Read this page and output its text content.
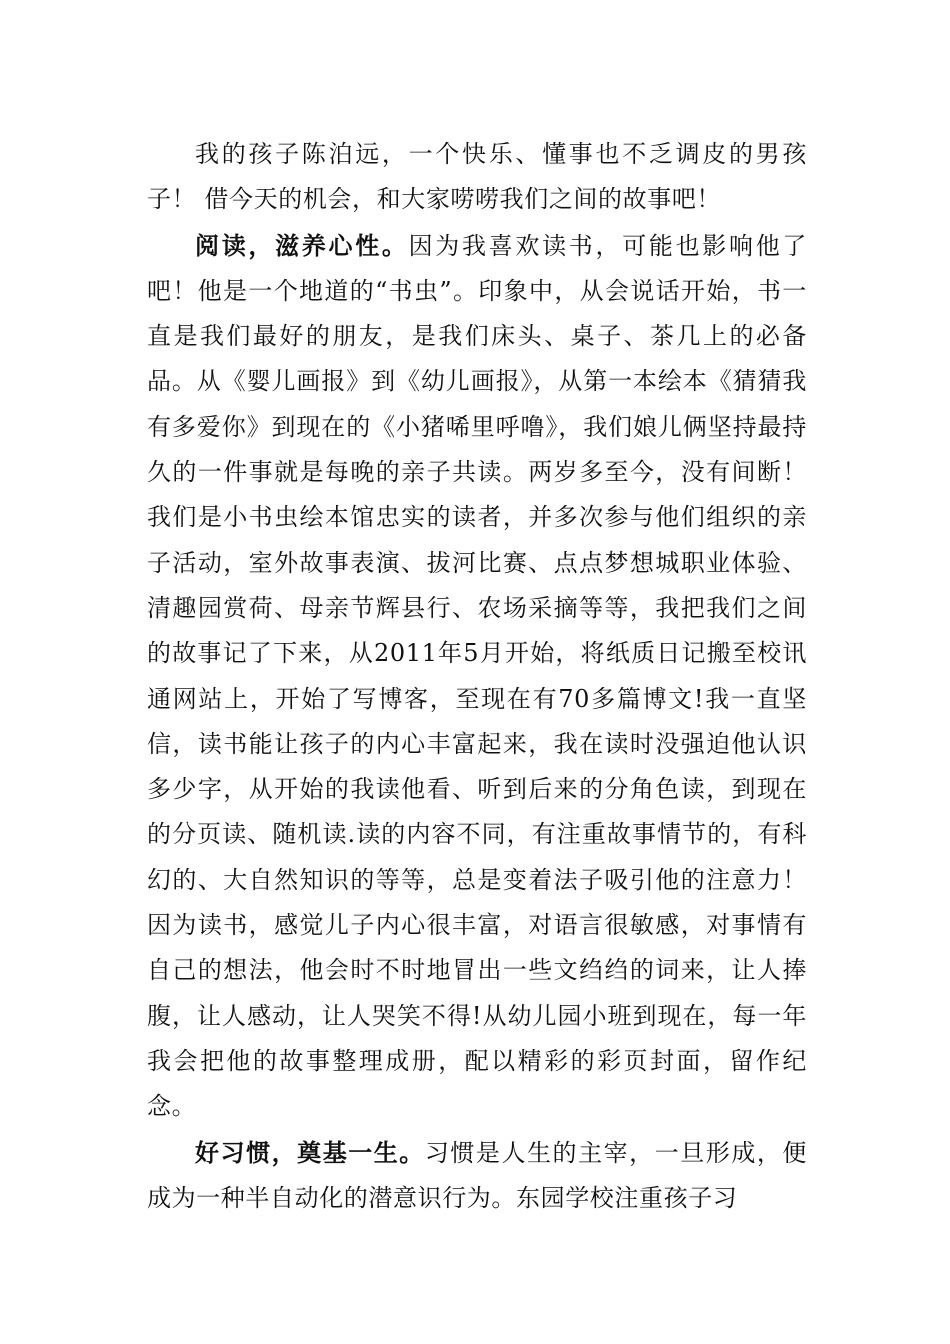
我的孩子陈泊远，一个快乐、懂事也不乏调皮的男孩子！ 借今天的机会，和大家唠唠我们之间的故事吧！

阅读，滋养心性。因为我喜欢读书，可能也影响他了吧！他是一个地道的“书虫”。印象中，从会说话开始，书一直是我们最好的朋友，是我们床头、桌子、茶几上的必备品。从《婴儿画报》到《幼儿画报》，从第一本绘本《猜猜我有多爱你》到现在的《小猪唏里呼噜》，我们娘儿俩坚持最持久的一件事就是每晚的亲子共读。两岁多至今，没有间断！我们是小书虫绘本馆忠实的读者，并多次参与他们组织的亲子活动，室外故事表演、拔河比赛、点点梦想城职业体验、清趣园赏荷、母亲节辉县行、农场采摘等等，我把我们之间的故事记了下来，从2011年5月开始，将纸质日记搬至校讯通网站上，开始了写博客，至现在有70多篇博文!我一直坚信，读书能让孩子的内心丰富起来，我在读时没强迫他认识多少字，从开始的我读他看、听到后来的分角色读，到现在的分页读、随机读.读的内容不同，有注重故事情节的，有科幻的、大自然知识的等等，总是变着法子吸引他的注意力！因为读书，感觉儿子内心很丰富，对语言很敏感，对事情有自己的想法，他会时不时地冒出一些文绉绉的词来，让人捧腹，让人感动，让人哭笑不得!从幼儿园小班到现在，每一年我会把他的故事整理成册，配以精彩的彩页封面，留作纪念。

好习惯，奠基一生。习惯是人生的主宰，一旦形成，便成为一种半自动化的潜意识行为。东园学校注重孩子习
